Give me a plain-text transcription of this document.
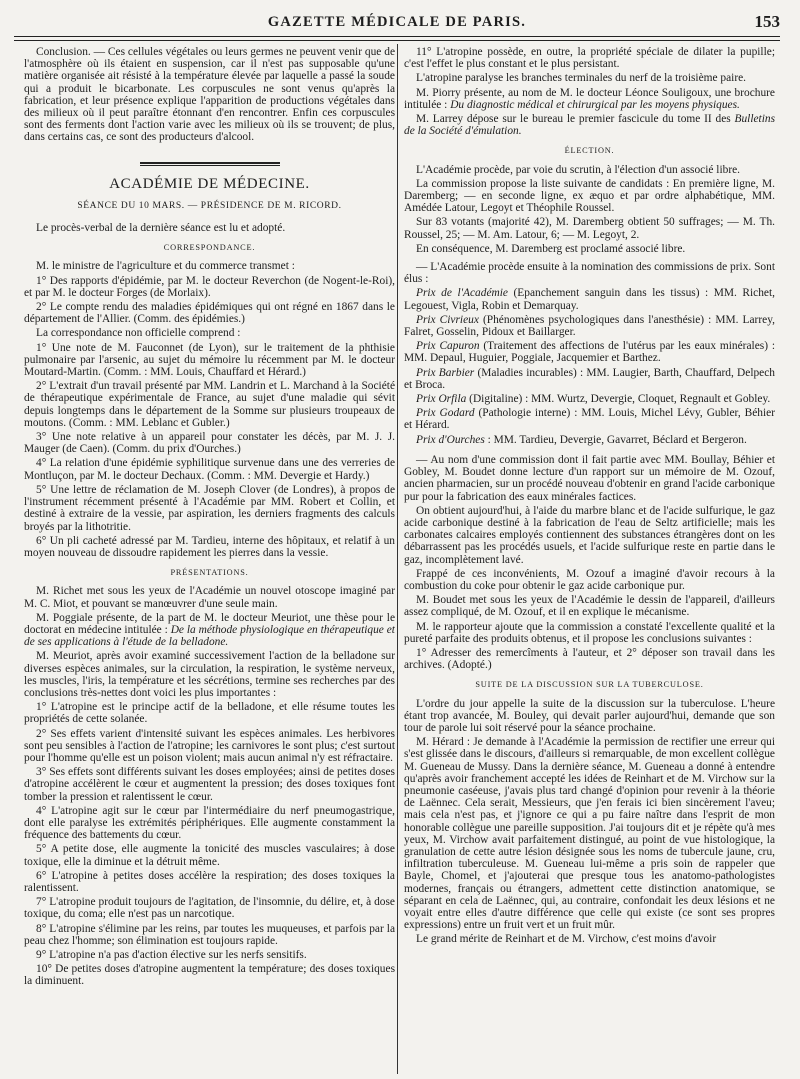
GAZETTE MÉDICALE DE PARIS.	153

Conclusion. — Ces cellules végétales ou leurs germes ne peuvent venir que de l'atmosphère où ils étaient en suspension, car il n'est pas supposable qu'une matière organisée ait résisté à la température élevée par laquelle a passé la soude qui a produit le bicarbonate. Les corpuscules ne sont venus qu'après la fabrication, et leur présence explique l'apparition de productions végétales dans des milieux où il peut paraître étonnant d'en rencontrer. Enfin ces corpuscules sont des ferments dont l'action varie avec les milieux où ils se trouvent; de plus, dans certains cas, ce sont des producteurs d'alcool.

ACADÉMIE DE MÉDECINE.
SÉANCE DU 10 MARS. — PRÉSIDENCE DE M. RICORD.

Le procès-verbal de la dernière séance est lu et adopté.

CORRESPONDANCE.

M. le ministre de l'agriculture et du commerce transmet :

1° Des rapports d'épidémie, par M. le docteur Reverchon (de Nogent-le-Roi), et par M. le docteur Forges (de Morlaix).

2° Le compte rendu des maladies épidémiques qui ont régné en 1867 dans le département de l'Allier. (Comm. des épidémies.)

La correspondance non officielle comprend :

1° Une note de M. Fauconnet (de Lyon), sur le traitement de la phthisie pulmonaire par l'arsenic, au sujet du mémoire lu récemment par M. le docteur Moutard-Martin. (Comm. : MM. Louis, Chauffard et Hérard.)

2° L'extrait d'un travail présenté par MM. Landrin et L. Marchand à la Société de thérapeutique expérimentale de France, au sujet d'une maladie qui sévit depuis longtemps dans le département de la Somme sur plusieurs troupeaux de moutons. (Comm. : MM. Leblanc et Gubler.)

3° Une note relative à un appareil pour constater les décès, par M. J. J. Mauger (de Caen). (Comm. du prix d'Ourches.)

4° La relation d'une épidémie syphilitique survenue dans une des verreries de Montluçon, par M. le docteur Dechaux. (Comm. : MM. Devergie et Hardy.)

5° Une lettre de réclamation de M. Joseph Clover (de Londres), à propos de l'instrument récemment présenté à l'Académie par MM. Robert et Collin, et destiné à extraire de la vessie, par aspiration, les derniers fragments des calculs broyés par la lithotritie.

6° Un pli cacheté adressé par M. Tardieu, interne des hôpitaux, et relatif à un moyen nouveau de dissoudre rapidement les pierres dans la vessie.

PRÉSENTATIONS.

M. Richet met sous les yeux de l'Académie un nouvel otoscope imaginé par M. C. Miot, et pouvant se manœuvrer d'une seule main.

M. Poggiale présente, de la part de M. le docteur Meuriot, une thèse pour le doctorat en médecine intitulée : De la méthode physiologique en thérapeutique et de ses applications à l'étude de la belladone.

M. Meuriot, après avoir examiné successivement l'action de la belladone sur diverses espèces animales, sur la circulation, la respiration, le système nerveux, les muscles, l'iris, la température et les sécrétions, termine ses recherches par des conclusions très-nettes dont voici les plus importantes :

1° L'atropine est le principe actif de la belladone, et elle résume toutes les propriétés de cette solanée.

2° Ses effets varient d'intensité suivant les espèces animales. Les herbivores sont peu sensibles à l'action de l'atropine; les carnivores le sont plus; c'est surtout pour l'homme qu'elle est un poison violent; mais aucun animal n'y est réfractaire.

3° Ses effets sont différents suivant les doses employées; ainsi de petites doses d'atropine accélèrent le cœur et augmentent la pression; des doses toxiques font tomber la pression et ralentissent le cœur.

4° L'atropine agit sur le cœur par l'intermédiaire du nerf pneumogastrique, dont elle paralyse les extrémités périphériques. Elle augmente constamment la fréquence des battements du cœur.

5° A petite dose, elle augmente la tonicité des muscles vasculaires; à dose toxique, elle la diminue et la détruit même.

6° L'atropine à petites doses accélère la respiration; des doses toxiques la ralentissent.

7° L'atropine produit toujours de l'agitation, de l'insomnie, du délire, et, à dose toxique, du coma; elle n'est pas un narcotique.

8° L'atropine s'élimine par les reins, par toutes les muqueuses, et parfois par la peau chez l'homme; son élimination est toujours rapide.

9° L'atropine n'a pas d'action élective sur les nerfs sensitifs.

10° De petites doses d'atropine augmentent la température; des doses toxiques la diminuent.

11° L'atropine possède, en outre, la propriété spéciale de dilater la pupille; c'est l'effet le plus constant et le plus persistant.

L'atropine paralyse les branches terminales du nerf de la troisième paire.

M. Piorry présente, au nom de M. le docteur Léonce Souligoux, une brochure intitulée : Du diagnostic médical et chirurgical par les moyens physiques.

M. Larrey dépose sur le bureau le premier fascicule du tome II des Bulletins de la Société d'émulation.

ÉLECTION.

L'Académie procède, par voie du scrutin, à l'élection d'un associé libre.

La commission propose la liste suivante de candidats : En première ligne, M. Daremberg; — en seconde ligne, ex æquo et par ordre alphabétique, MM. Amédée Latour, Legoyt et Théophile Roussel.

Sur 83 votants (majorité 42), M. Daremberg obtient 50 suffrages; — M. Th. Roussel, 25; — M. Am. Latour, 6; — M. Legoyt, 2.

En conséquence, M. Daremberg est proclamé associé libre.

— L'Académie procède ensuite à la nomination des commissions de prix. Sont élus :

Prix de l'Académie (Epanchement sanguin dans les tissus) : MM. Richet, Legouest, Vigla, Robin et Demarquay.

Prix Civrieux (Phénomènes psychologiques dans l'anesthésie) : MM. Larrey, Falret, Gosselin, Pidoux et Baillarger.

Prix Capuron (Traitement des affections de l'utérus par les eaux minérales) : MM. Depaul, Huguier, Poggiale, Jacquemier et Barthez.

Prix Barbier (Maladies incurables) : MM. Laugier, Barth, Chauffard, Delpech et Broca.

Prix Orfila (Digitaline) : MM. Wurtz, Devergie, Cloquet, Regnault et Gobley.

Prix Godard (Pathologie interne) : MM. Louis, Michel Lévy, Gubler, Béhier et Hérard.

Prix d'Ourches : MM. Tardieu, Devergie, Gavarret, Béclard et Bergeron.

— Au nom d'une commission dont il fait partie avec MM. Boullay, Béhier et Gobley, M. Boudet donne lecture d'un rapport sur un mémoire de M. Ozouf, ancien pharmacien, sur un procédé nouveau d'obtenir en grand l'acide carbonique pur pour la fabrication des eaux minérales factices.

On obtient aujourd'hui, à l'aide du marbre blanc et de l'acide sulfurique, le gaz acide carbonique destiné à la fabrication de l'eau de Seltz artificielle; mais les carbonates calcaires employés contiennent des substances étrangères dont on les débarrassent pas les procédés usuels, et l'acide sulfurique reste en partie dans le gaz, incomplètement lavé.

Frappé de ces inconvénients, M. Ozouf a imaginé d'avoir recours à la combustion du coke pour obtenir le gaz acide carbonique pur.

M. Boudet met sous les yeux de l'Académie le dessin de l'appareil, d'ailleurs assez compliqué, de M. Ozouf, et il en explique le mécanisme.

M. le rapporteur ajoute que la commission a constaté l'excellente qualité et la pureté parfaite des produits obtenus, et il propose les conclusions suivantes :

1° Adresser des remercîments à l'auteur, et 2° déposer son travail dans les archives. (Adopté.)

SUITE DE LA DISCUSSION SUR LA TUBERCULOSE.

L'ordre du jour appelle la suite de la discussion sur la tuberculose. L'heure étant trop avancée, M. Bouley, qui devait parler aujourd'hui, demande que son tour de parole lui soit réservé pour la séance prochaine.

M. Hérard : Je demande à l'Académie la permission de rectifier une erreur qui s'est glissée dans le discours, d'ailleurs si remarquable, de mon excellent collègue M. Gueneau de Mussy. Dans la dernière séance, M. Gueneau a donné à entendre qu'après avoir franchement accepté les idées de Reinhart et de M. Virchow sur la pneumonie caséeuse, j'avais plus tard changé d'opinion pour revenir à la théorie de Laënnec. Cela serait, Messieurs, que j'en ferais ici bien sincèrement l'aveu; mais cela n'est pas, et j'ignore ce qui a pu faire naître dans l'esprit de mon honorable collègue une pareille supposition. J'ai toujours dit et je répète qu'à mes yeux, M. Virchow avait parfaitement distingué, au point de vue histologique, la granulation de cette autre lésion désignée sous les noms de tubercule jaune, cru, infiltration tuberculeuse. M. Gueneau lui-même a pris soin de rappeler que Bayle, Chomel, et j'ajouterai que presque tous les anatomo-pathologistes modernes, français ou étrangers, admettent cette distinction anatomique, se séparant en cela de Laënnec, qui, au contraire, confondait les deux lésions et ne voyait entre elles d'autre différence que celle qui existe (ce sont ses propres expressions) entre un fruit vert et un fruit mûr.

Le grand mérite de Reinhart et de M. Virchow, c'est moins d'avoir
